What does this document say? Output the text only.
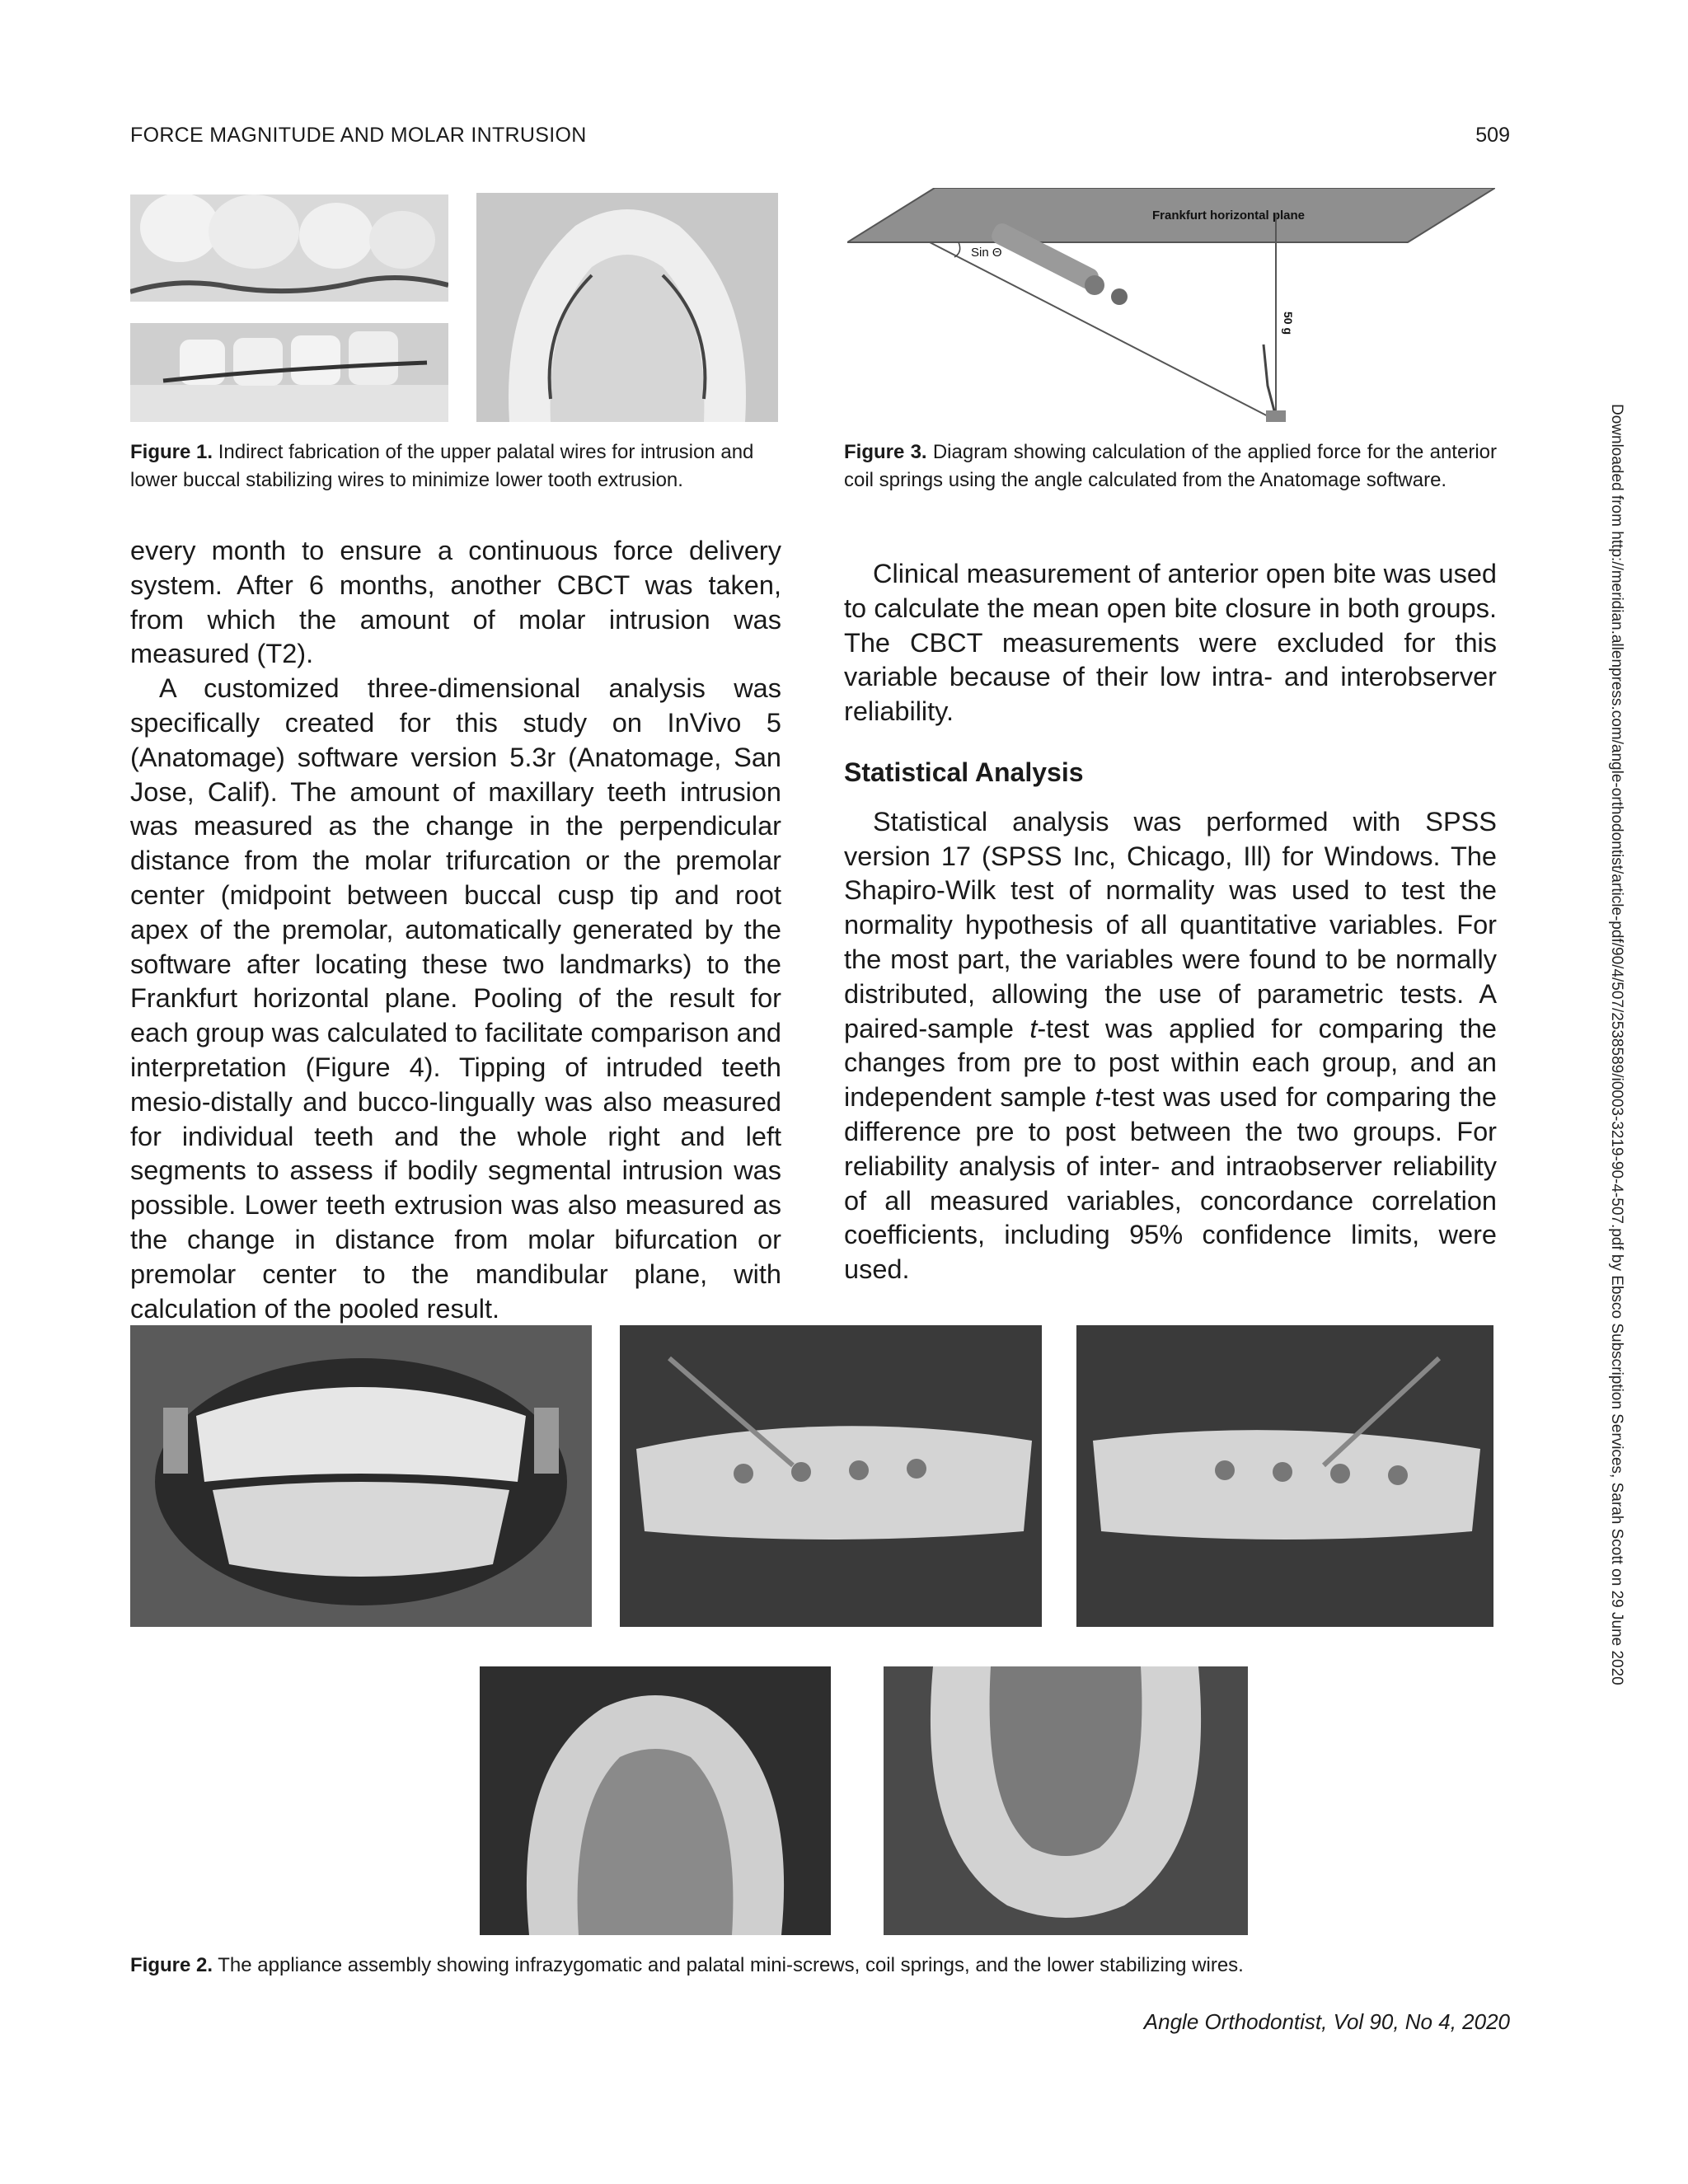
FORCE MAGNITUDE AND MOLAR INTRUSION	509
Downloaded from http://meridian.allenpress.com/angle-orthodontist/article-pdf/90/4/507/2538589/i0003-3219-90-4-507.pdf by Ebsco Subscription Services, Sarah Scott on 29 June 2020
Figure 1. Indirect fabrication of the upper palatal wires for intrusion and lower buccal stabilizing wires to minimize lower tooth extrusion.
Frankfurt horizontal plane
Sin Θ
50 g
Figure 3. Diagram showing calculation of the applied force for the anterior coil springs using the angle calculated from the Anatomage software.

every month to ensure a continuous force delivery system. After 6 months, another CBCT was taken, from which the amount of molar intrusion was measured (T2).

A customized three-dimensional analysis was specifically created for this study on InVivo 5 (Anatomage) software version 5.3r (Anatomage, San Jose, Calif). The amount of maxillary teeth intrusion was measured as the change in the perpendicular distance from the molar trifurcation or the premolar center (midpoint between buccal cusp tip and root apex of the premolar, automatically generated by the software after locating these two landmarks) to the Frankfurt horizontal plane. Pooling of the result for each group was calculated to facilitate comparison and interpretation (Figure 4). Tipping of intruded teeth mesio-distally and bucco-lingually was also measured for individual teeth and the whole right and left segments to assess if bodily segmental intrusion was possible. Lower teeth extrusion was also measured as the change in distance from molar bifurcation or premolar center to the mandibular plane, with calculation of the pooled result.

Clinical measurement of anterior open bite was used to calculate the mean open bite closure in both groups. The CBCT measurements were excluded for this variable because of their low intra- and interobserver reliability.

Statistical Analysis

Statistical analysis was performed with SPSS version 17 (SPSS Inc, Chicago, Ill) for Windows. The Shapiro-Wilk test of normality was used to test the normality hypothesis of all quantitative variables. For the most part, the variables were found to be normally distributed, allowing the use of parametric tests. A paired-sample t-test was applied for comparing the changes from pre to post within each group, and an independent sample t-test was used for comparing the difference pre to post between the two groups. For reliability analysis of inter- and intraobserver reliability of all measured variables, concordance correlation coefficients, including 95% confidence limits, were used.

Figure 2. The appliance assembly showing infrazygomatic and palatal mini-screws, coil springs, and the lower stabilizing wires.
Angle Orthodontist, Vol 90, No 4, 2020
